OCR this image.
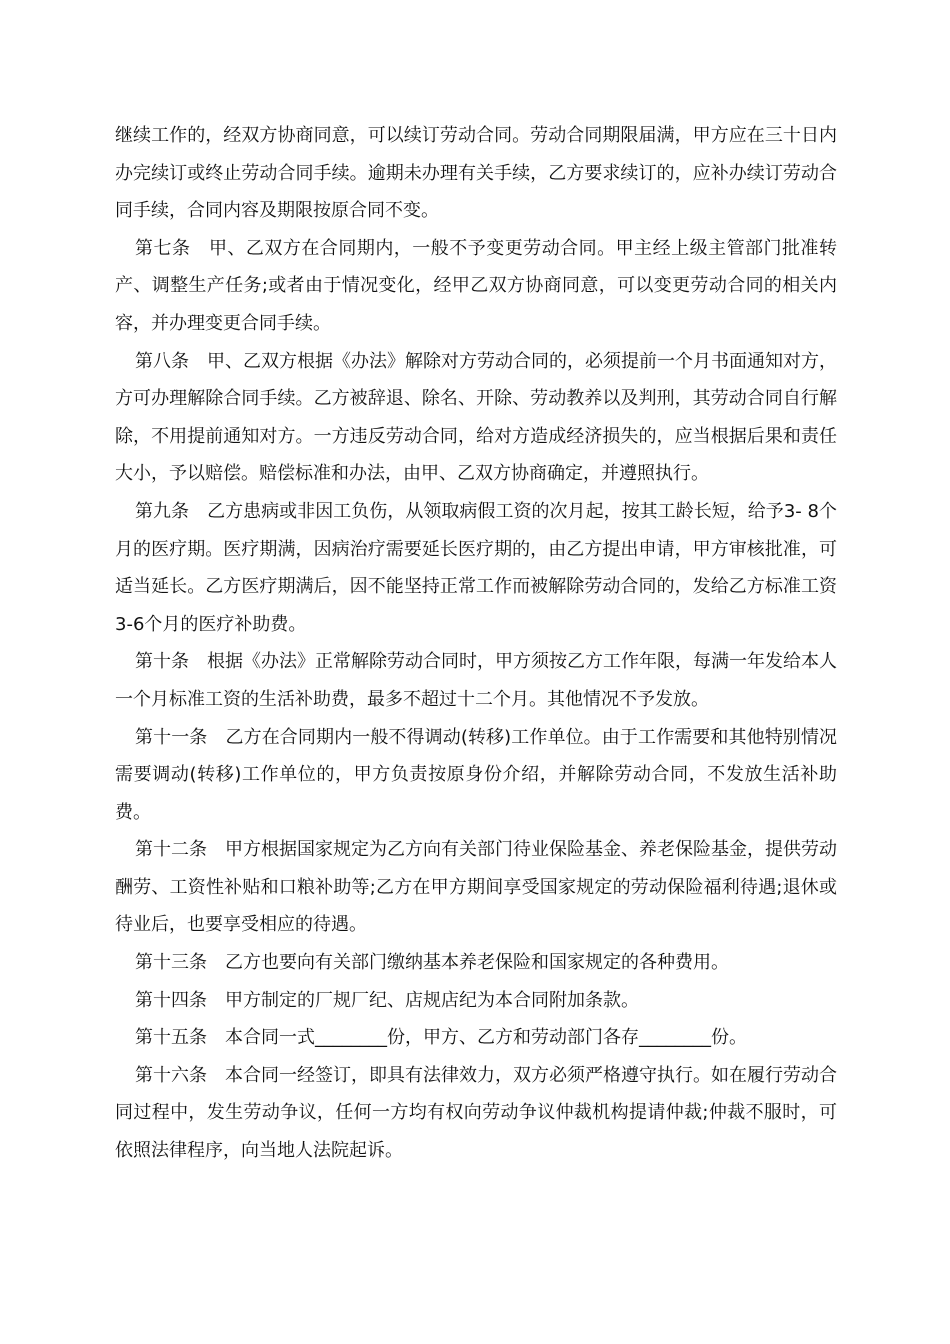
继续工作的，经双方协商同意，可以续订劳动合同。劳动合同期限届满，甲方应在三十日内办完续订或终止劳动合同手续。逾期未办理有关手续，乙方要求续订的，应补办续订劳动合同手续，合同内容及期限按原合同不变。

第七条　甲、乙双方在合同期内，一般不予变更劳动合同。甲主经上级主管部门批准转产、调整生产任务;或者由于情况变化，经甲乙双方协商同意，可以变更劳动合同的相关内容，并办理变更合同手续。

第八条　甲、乙双方根据《办法》解除对方劳动合同的，必须提前一个月书面通知对方，方可办理解除合同手续。乙方被辞退、除名、开除、劳动教养以及判刑，其劳动合同自行解除，不用提前通知对方。一方违反劳动合同，给对方造成经济损失的，应当根据后果和责任大小，予以赔偿。赔偿标准和办法，由甲、乙双方协商确定，并遵照执行。

第九条　乙方患病或非因工负伤，从领取病假工资的次月起，按其工龄长短，给予3- 8个月的医疗期。医疗期满，因病治疗需要延长医疗期的，由乙方提出申请，甲方审核批准，可适当延长。乙方医疗期满后，因不能坚持正常工作而被解除劳动合同的，发给乙方标准工资3-6个月的医疗补助费。

第十条　根据《办法》正常解除劳动合同时，甲方须按乙方工作年限，每满一年发给本人一个月标准工资的生活补助费，最多不超过十二个月。其他情况不予发放。

第十一条　乙方在合同期内一般不得调动(转移)工作单位。由于工作需要和其他特别情况需要调动(转移)工作单位的，甲方负责按原身份介绍，并解除劳动合同，不发放生活补助费。

第十二条　甲方根据国家规定为乙方向有关部门待业保险基金、养老保险基金，提供劳动酬劳、工资性补贴和口粮补助等;乙方在甲方期间享受国家规定的劳动保险福利待遇;退休或待业后，也要享受相应的待遇。

第十三条　乙方也要向有关部门缴纳基本养老保险和国家规定的各种费用。

第十四条　甲方制定的厂规厂纪、店规店纪为本合同附加条款。

第十五条　本合同一式________份，甲方、乙方和劳动部门各存________份。

第十六条　本合同一经签订，即具有法律效力，双方必须严格遵守执行。如在履行劳动合同过程中，发生劳动争议，任何一方均有权向劳动争议仲裁机构提请仲裁;仲裁不服时，可依照法律程序，向当地人法院起诉。
